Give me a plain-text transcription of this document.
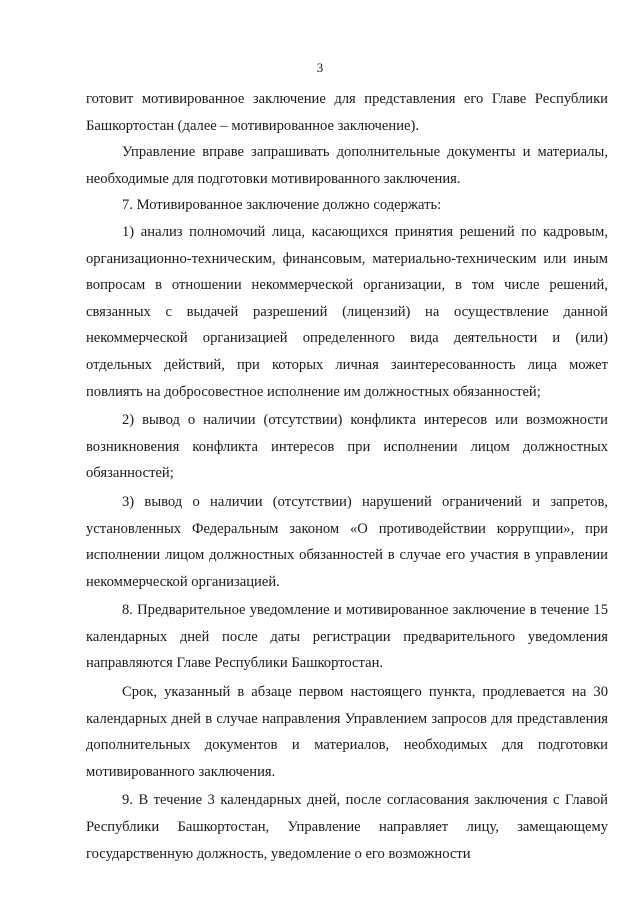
3

готовит мотивированное заключение для представления его Главе Республики Башкортостан (далее – мотивированное заключение).

Управление вправе запрашивать дополнительные документы и материалы, необходимые для подготовки мотивированного заключения.

7. Мотивированное заключение должно содержать:

1) анализ полномочий лица, касающихся принятия решений по кадровым, организационно-техническим, финансовым, материально-техническим или иным вопросам в отношении некоммерческой организации, в том числе решений, связанных с выдачей разрешений (лицензий) на осуществление данной некоммерческой организацией определенного вида деятельности и (или) отдельных действий, при которых личная заинтересованность лица может повлиять на добросовестное исполнение им должностных обязанностей;

2) вывод о наличии (отсутствии) конфликта интересов или возможности возникновения конфликта интересов при исполнении лицом должностных обязанностей;

3) вывод о наличии (отсутствии) нарушений ограничений и запретов, установленных Федеральным законом «О противодействии коррупции», при исполнении лицом должностных обязанностей в случае его участия в управлении некоммерческой организацией.

8. Предварительное уведомление и мотивированное заключение в течение 15 календарных дней после даты регистрации предварительного уведомления направляются Главе Республики Башкортостан.

Срок, указанный в абзаце первом настоящего пункта, продлевается на 30 календарных дней в случае направления Управлением запросов для представления дополнительных документов и материалов, необходимых для подготовки мотивированного заключения.

9. В течение 3 календарных дней, после согласования заключения с Главой Республики Башкортостан, Управление направляет лицу, замещающему государственную должность, уведомление о его возможности
